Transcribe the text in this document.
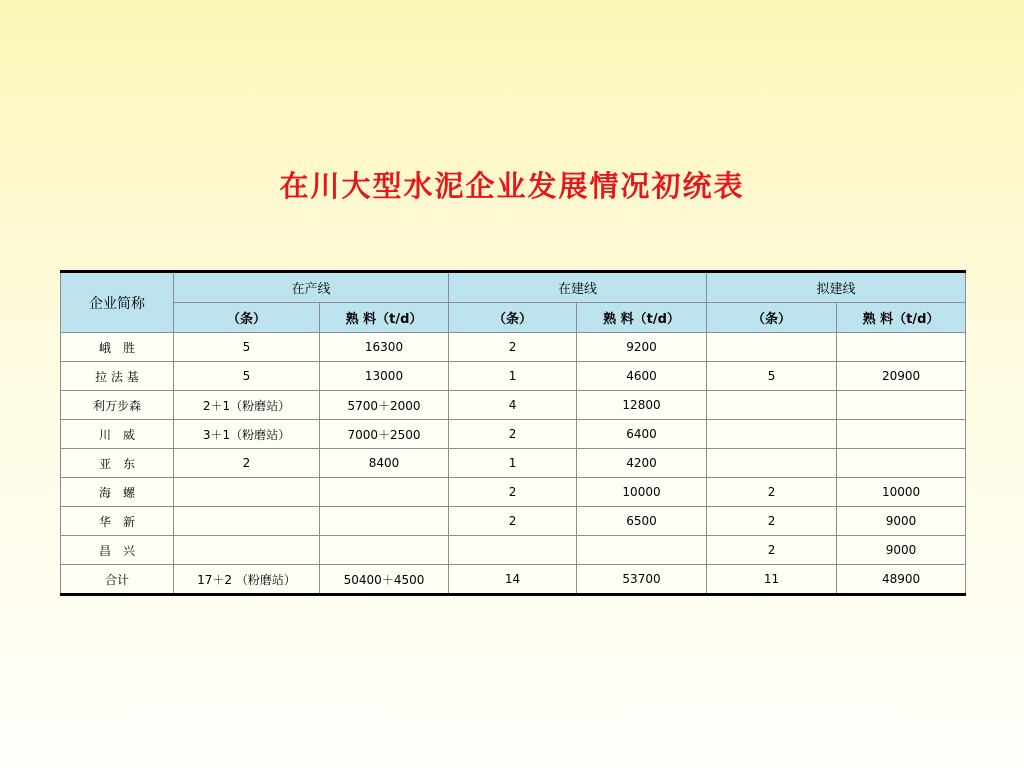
在川大型水泥企业发展情况初统表
企业简称	在产线		在建线		拟建线	
	（条）	熟 料（t/d）	（条）	熟 料（t/d）	（条）	熟 料（t/d）
峨　胜	5	16300	2	9200		
拉 法 基	5	13000	1	4600	5	20900
利万步森	2＋1（粉磨站）	5700＋2000	4	12800		
川　威	3＋1（粉磨站）	7000＋2500	2	6400		
亚　东	2	8400	1	4200		
海　螺			2	10000	2	10000
华　新			2	6500	2	9000
昌　兴					2	9000
合计	17＋2 （粉磨站）	50400＋4500	14	53700	11	48900
